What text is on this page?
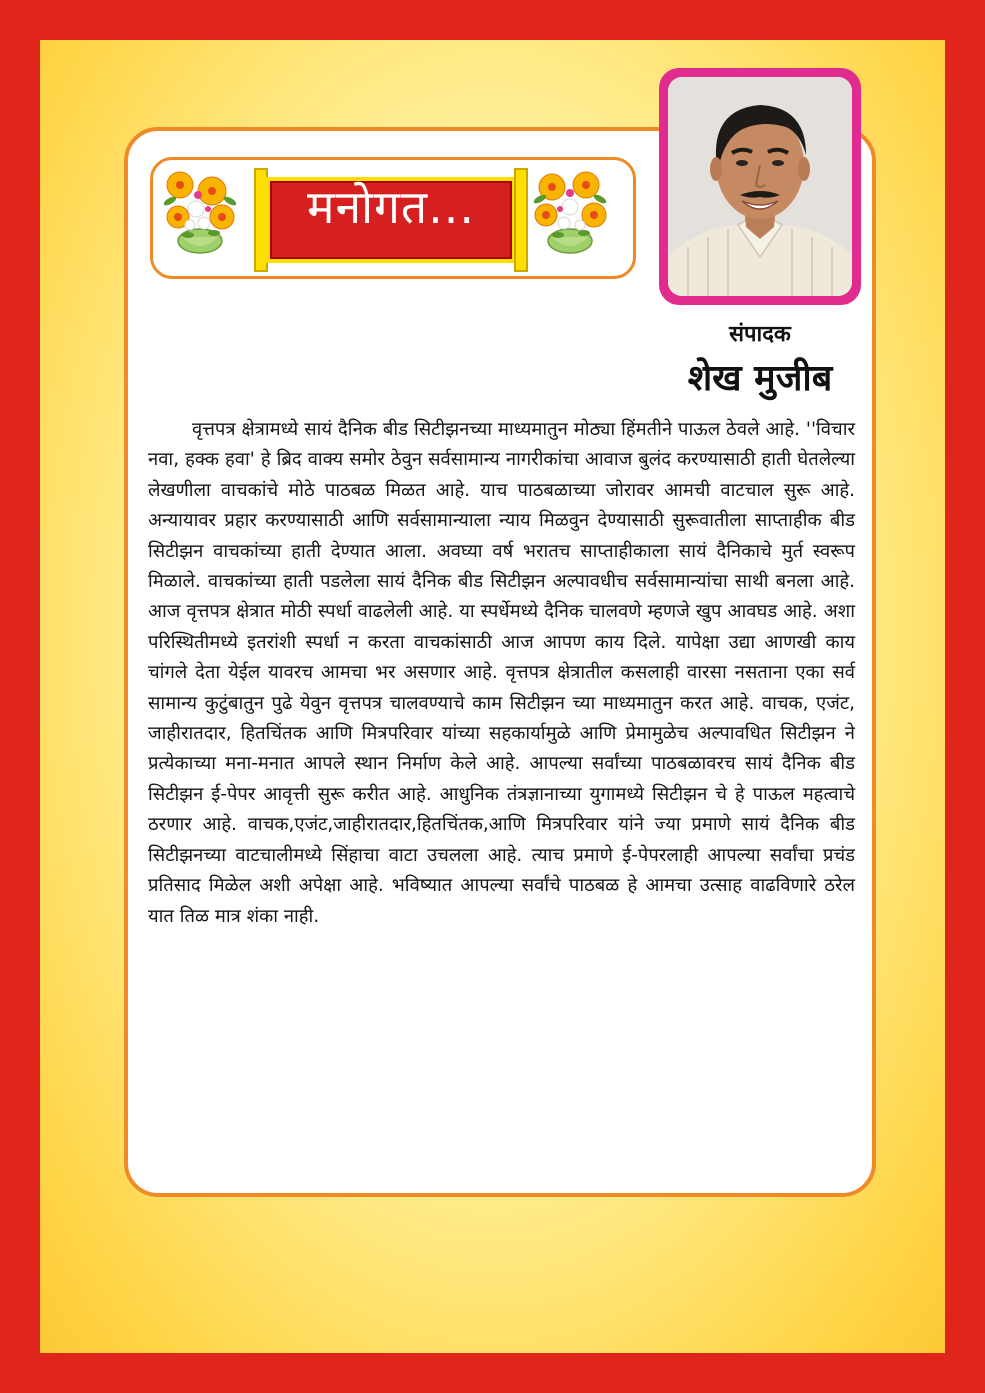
मनोगत...
संपादक
शेख मुजीब

वृत्तपत्र क्षेत्रामध्ये सायं दैनिक बीड सिटीझनच्या माध्यमातुन मोठ्या हिंमतीने पाऊल ठेवले आहे. ''विचार नवा, हक्क हवा' हे ब्रिद वाक्य समोर ठेवुन सर्वसामान्य नागरीकांचा आवाज बुलंद करण्यासाठी हाती घेतलेल्या लेखणीला वाचकांचे मोठे पाठबळ मिळत आहे. याच पाठबळाच्या जोरावर आमची वाटचाल सुरू आहे. अन्यायावर प्रहार करण्यासाठी आणि सर्वसामान्याला न्याय मिळवुन देण्यासाठी सुरूवातीला साप्ताहीक बीड सिटीझन वाचकांच्या हाती देण्यात आला. अवघ्या वर्ष भरातच साप्ताहीकाला सायं दैनिकाचे मुर्त स्वरूप मिळाले. वाचकांच्या हाती पडलेला सायं दैनिक बीड सिटीझन अल्पावधीच सर्वसामान्यांचा साथी बनला आहे. आज वृत्तपत्र क्षेत्रात मोठी स्पर्धा वाढलेली आहे. या स्पर्धेमध्ये दैनिक चालवणे म्हणजे खुप आवघड आहे. अशा परिस्थितीमध्ये इतरांशी स्पर्धा न करता वाचकांसाठी आज आपण काय दिले. यापेक्षा उद्या आणखी काय चांगले देता येईल यावरच आमचा भर असणार आहे. वृत्तपत्र क्षेत्रातील कसलाही वारसा नसताना एका सर्व सामान्य कुटुंबातुन पुढे येवुन वृत्तपत्र चालवण्याचे काम सिटीझन च्या माध्यमातुन करत आहे. वाचक, एजंट, जाहीरातदार, हितचिंतक आणि मित्रपरिवार यांच्या सहकार्यामुळे आणि प्रेमामुळेच अल्पावधित सिटीझन ने प्रत्येकाच्या मना-मनात आपले स्थान निर्माण केले आहे. आपल्या सर्वांच्या पाठबळावरच सायं दैनिक बीड सिटीझन ई-पेपर आवृत्ती सुरू करीत आहे. आधुनिक तंत्रज्ञानाच्या युगामध्ये सिटीझन चे हे पाऊल महत्वाचे ठरणार आहे. वाचक,एजंट,जाहीरातदार,हितचिंतक,आणि मित्रपरिवार यांने ज्या प्रमाणे सायं दैनिक बीड सिटीझनच्या वाटचालीमध्ये सिंहाचा वाटा उचलला आहे. त्याच प्रमाणे ई-पेपरलाही आपल्या सर्वांचा प्रचंड प्रतिसाद मिळेल अशी अपेक्षा आहे. भविष्यात आपल्या सर्वांचे पाठबळ हे आमचा उत्साह वाढविणारे ठरेल यात तिळ मात्र शंका नाही.
